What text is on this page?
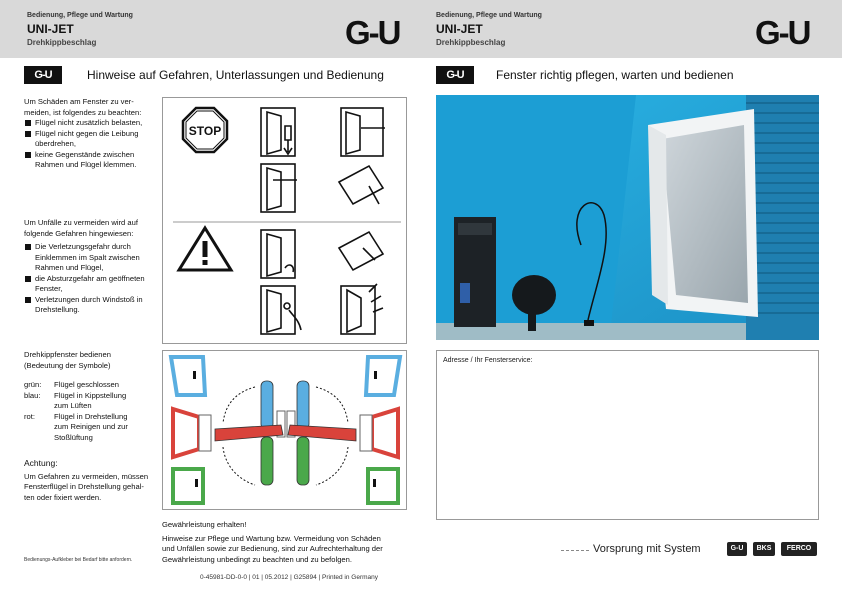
Bedienung, Pflege und Wartung
UNI-JET
Drehkippbeschlag	G-U
G-U	Hinweise auf Gefahren, Unterlassungen und Bedienung
Um Schäden am Fenster zu ver-
meiden, ist folgendes zu beachten:
Flügel nicht zusätzlich belasten,
Flügel nicht gegen die Leibung
überdrehen,
keine Gegenstände zwischen
Rahmen und Flügel klemmen.
Um Unfälle zu vermeiden wird auf
folgende Gefahren hingewiesen:
Die Verletzungsgefahr durch
Einklemmen im Spalt zwischen
Rahmen und Flügel,
die Absturzgefahr am geöffneten
Fenster,
Verletzungen durch Windstoß in
Drehstellung.
STOP
Drehkippfenster bedienen
(Bedeutung der Symbole)
grün:	Flügel geschlossen
blau:	Flügel in Kippstellung
zum Lüften
rot:	Flügel in Drehstellung
zum Reinigen und zur
Stoßlüftung
Achtung:
Um Gefahren zu vermeiden, müssen
Fensterflügel in Drehstellung gehal-
ten oder fixiert werden.
Gewährleistung erhalten!
Hinweise zur Pflege und Wartung bzw. Vermeidung von Schäden
und Unfällen sowie zur Bedienung, sind zur Aufrechterhaltung der
Gewährleistung unbedingt zu beachten und zu befolgen.
Bedienungs-Aufkleber bei Bedarf bitte anfordern.
0-45981-DD-0-0 | 01 | 05.2012 | G25894 | Printed in Germany
Bedienung, Pflege und Wartung
UNI-JET
Drehkippbeschlag	G-U
G-U	Fenster richtig pflegen, warten und bedienen
Adresse / Ihr Fensterservice:
Vorsprung mit System	G-U	BKS	FERCO
